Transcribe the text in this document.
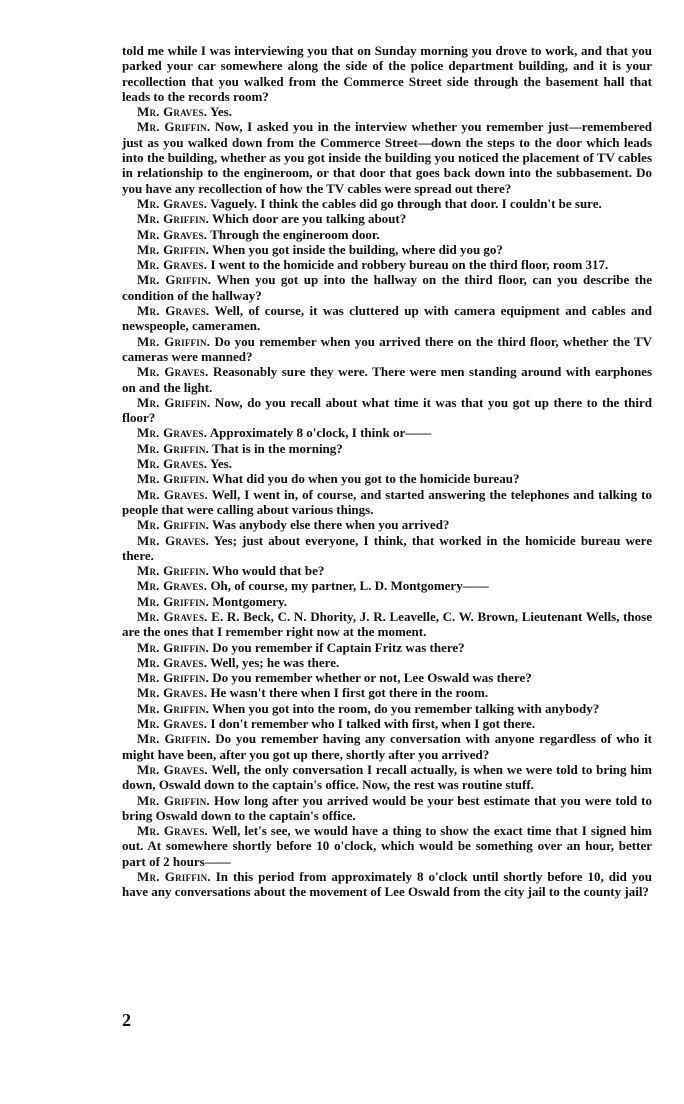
told me while I was interviewing you that on Sunday morning you drove to work, and that you parked your car somewhere along the side of the police department building, and it is your recollection that you walked from the Commerce Street side through the basement hall that leads to the records room?

Mr. Graves. Yes.

Mr. Griffin. Now, I asked you in the interview whether you remember just—remembered just as you walked down from the Commerce Street—down the steps to the door which leads into the building, whether as you got inside the building you noticed the placement of TV cables in relationship to the engineroom, or that door that goes back down into the subbasement. Do you have any recollection of how the TV cables were spread out there?

Mr. Graves. Vaguely. I think the cables did go through that door. I couldn't be sure.

Mr. Griffin. Which door are you talking about?

Mr. Graves. Through the engineroom door.

Mr. Griffin. When you got inside the building, where did you go?

Mr. Graves. I went to the homicide and robbery bureau on the third floor, room 317.

Mr. Griffin. When you got up into the hallway on the third floor, can you describe the condition of the hallway?

Mr. Graves. Well, of course, it was cluttered up with camera equipment and cables and newspeople, cameramen.

Mr. Griffin. Do you remember when you arrived there on the third floor, whether the TV cameras were manned?

Mr. Graves. Reasonably sure they were. There were men standing around with earphones on and the light.

Mr. Griffin. Now, do you recall about what time it was that you got up there to the third floor?

Mr. Graves. Approximately 8 o'clock, I think or——

Mr. Griffin. That is in the morning?

Mr. Graves. Yes.

Mr. Griffin. What did you do when you got to the homicide bureau?

Mr. Graves. Well, I went in, of course, and started answering the telephones and talking to people that were calling about various things.

Mr. Griffin. Was anybody else there when you arrived?

Mr. Graves. Yes; just about everyone, I think, that worked in the homicide bureau were there.

Mr. Griffin. Who would that be?

Mr. Graves. Oh, of course, my partner, L. D. Montgomery——

Mr. Griffin. Montgomery.

Mr. Graves. E. R. Beck, C. N. Dhority, J. R. Leavelle, C. W. Brown, Lieutenant Wells, those are the ones that I remember right now at the moment.

Mr. Griffin. Do you remember if Captain Fritz was there?

Mr. Graves. Well, yes; he was there.

Mr. Griffin. Do you remember whether or not, Lee Oswald was there?

Mr. Graves. He wasn't there when I first got there in the room.

Mr. Griffin. When you got into the room, do you remember talking with anybody?

Mr. Graves. I don't remember who I talked with first, when I got there.

Mr. Griffin. Do you remember having any conversation with anyone regardless of who it might have been, after you got up there, shortly after you arrived?

Mr. Graves. Well, the only conversation I recall actually, is when we were told to bring him down, Oswald down to the captain's office. Now, the rest was routine stuff.

Mr. Griffin. How long after you arrived would be your best estimate that you were told to bring Oswald down to the captain's office.

Mr. Graves. Well, let's see, we would have a thing to show the exact time that I signed him out. At somewhere shortly before 10 o'clock, which would be something over an hour, better part of 2 hours——

Mr. Griffin. In this period from approximately 8 o'clock until shortly before 10, did you have any conversations about the movement of Lee Oswald from the city jail to the county jail?

2
